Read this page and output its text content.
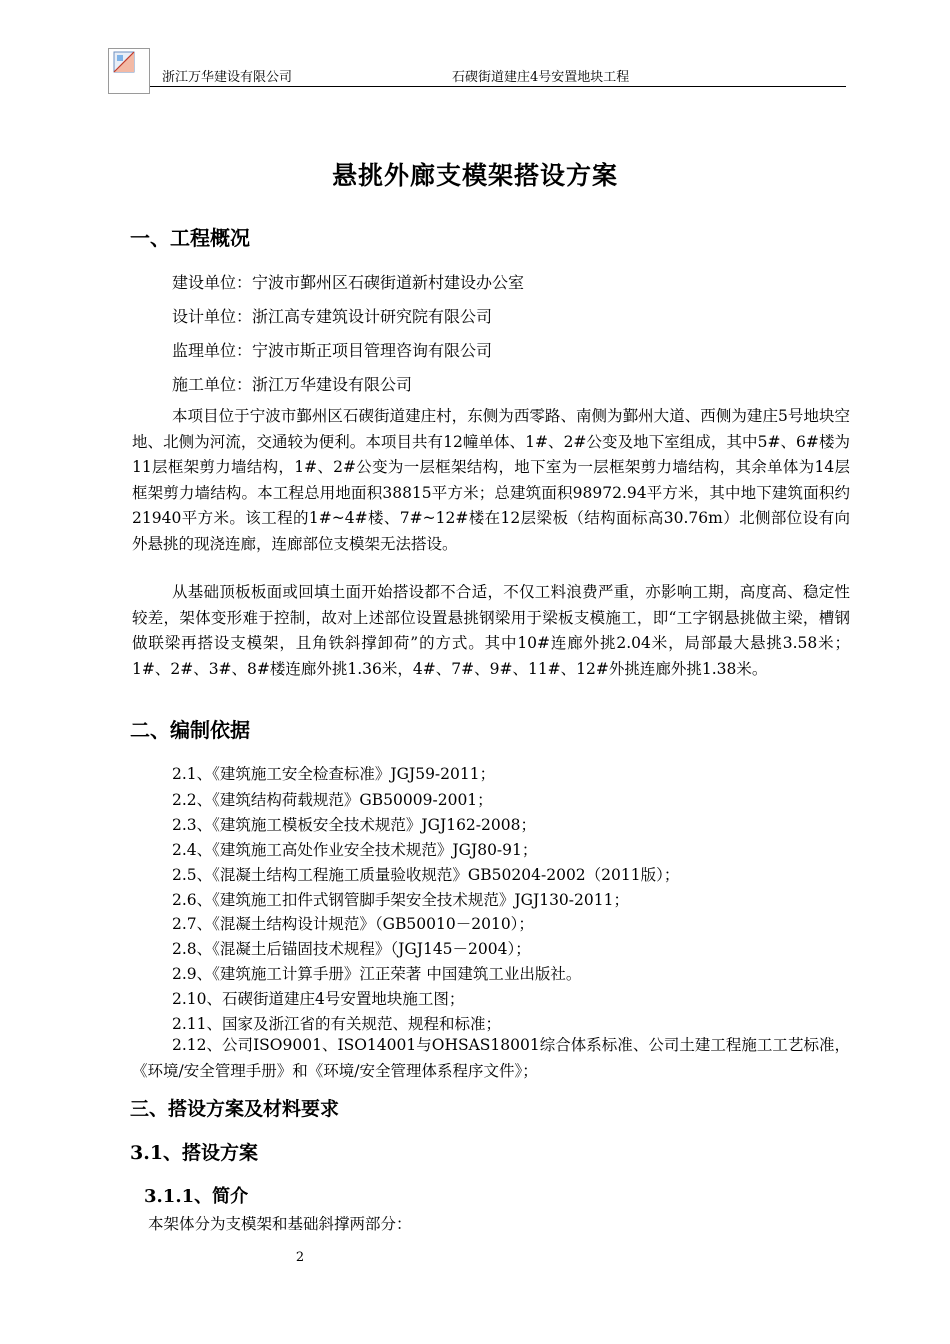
浙江万华建设有限公司	石碶街道建庄4号安置地块工程
悬挑外廊支模架搭设方案
一、工程概况
建设单位：宁波市鄞州区石碶街道新村建设办公室
设计单位：浙江高专建筑设计研究院有限公司
监理单位：宁波市斯正项目管理咨询有限公司
施工单位：浙江万华建设有限公司

本项目位于宁波市鄞州区石碶街道建庄村，东侧为西零路、南侧为鄞州大道、西侧为建庄5号地块空地、北侧为河流，交通较为便利。本项目共有12幢单体、1#、2#公变及地下室组成，其中5#、6#楼为11层框架剪力墙结构，1#、2#公变为一层框架结构，地下室为一层框架剪力墙结构，其余单体为14层框架剪力墙结构。本工程总用地面积38815平方米；总建筑面积98972.94平方米，其中地下建筑面积约21940平方米。该工程的1#~4#楼、7#~12#楼在12层梁板（结构面标高30.76m）北侧部位设有向外悬挑的现浇连廊，连廊部位支模架无法搭设。

从基础顶板板面或回填土面开始搭设都不合适，不仅工料浪费严重，亦影响工期，高度高、稳定性较差，架体变形难于控制，故对上述部位设置悬挑钢梁用于梁板支模施工，即“工字钢悬挑做主梁，槽钢做联梁再搭设支模架，且角铁斜撑卸荷”的方式。其中10#连廊外挑2.04米，局部最大悬挑3.58米；1#、2#、3#、8#楼连廊外挑1.36米，4#、7#、9#、11#、12#外挑连廊外挑1.38米。

二、编制依据
2.1、《建筑施工安全检查标准》JGJ59-2011；
2.2、《建筑结构荷载规范》GB50009-2001；
2.3、《建筑施工模板安全技术规范》JGJ162-2008；
2.4、《建筑施工高处作业安全技术规范》JGJ80-91；
2.5、《混凝土结构工程施工质量验收规范》GB50204-2002（2011版）；
2.6、《建筑施工扣件式钢管脚手架安全技术规范》JGJ130-2011；
2.7、《混凝土结构设计规范》（GB50010－2010）；
2.8、《混凝土后锚固技术规程》（JGJ145－2004）；
2.9、《建筑施工计算手册》江正荣著 中国建筑工业出版社。
2.10、石碶街道建庄4号安置地块施工图；
2.11、国家及浙江省的有关规范、规程和标准；

2.12、公司ISO9001、ISO14001与OHSAS18001综合体系标准、公司土建工程施工工艺标准，《环境/安全管理手册》和《环境/安全管理体系程序文件》；

三、搭设方案及材料要求
3.1、搭设方案
3.1.1、简介
本架体分为支模架和基础斜撑两部分：
2
